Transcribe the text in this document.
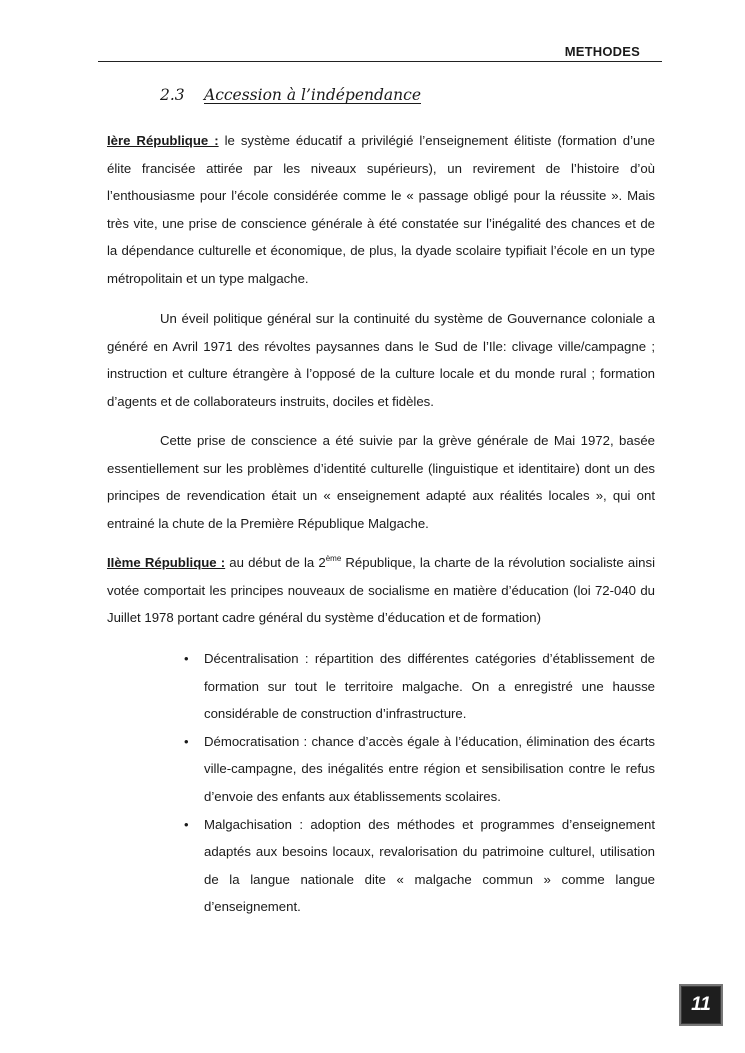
METHODES
2.3 Accession à l’indépendance

Ière République : le système éducatif a privilégié l’enseignement élitiste (formation d’une élite francisée attirée par les niveaux supérieurs), un revirement de l’histoire d’où l’enthousiasme pour l’école considérée comme le « passage obligé pour la réussite ». Mais très vite, une prise de conscience générale à été constatée sur l’inégalité des chances et de la dépendance culturelle et économique, de plus, la dyade scolaire typifiait l’école en un type métropolitain et un type malgache.

Un éveil politique général sur la continuité du système de Gouvernance coloniale a généré en Avril 1971 des révoltes paysannes dans le Sud de l’Ile: clivage ville/campagne ; instruction et culture étrangère à l’opposé de la culture locale et du monde rural ; formation d’agents et de collaborateurs instruits, dociles et fidèles.

Cette prise de conscience a été suivie par la grève générale de Mai 1972, basée essentiellement sur les problèmes d’identité culturelle (linguistique et identitaire) dont un des principes de revendication était un « enseignement adapté aux réalités locales », qui ont entrainé la chute de la Première République Malgache.

IIème République : au début de la 2ème République, la charte de la révolution socialiste ainsi votée comportait les principes nouveaux de socialisme en matière d’éducation (loi 72-040 du Juillet 1978 portant cadre général du système d’éducation et de formation)

• Décentralisation : répartition des différentes catégories d’établissement de formation sur tout le territoire malgache. On a enregistré une hausse considérable de construction d’infrastructure.
• Démocratisation : chance d’accès égale à l’éducation, élimination des écarts ville-campagne, des inégalités entre région et sensibilisation contre le refus d’envoie des enfants aux établissements scolaires.
• Malgachisation : adoption des méthodes et programmes d’enseignement adaptés aux besoins locaux, revalorisation du patrimoine culturel, utilisation de la langue nationale dite « malgache commun » comme langue d’enseignement.
11
